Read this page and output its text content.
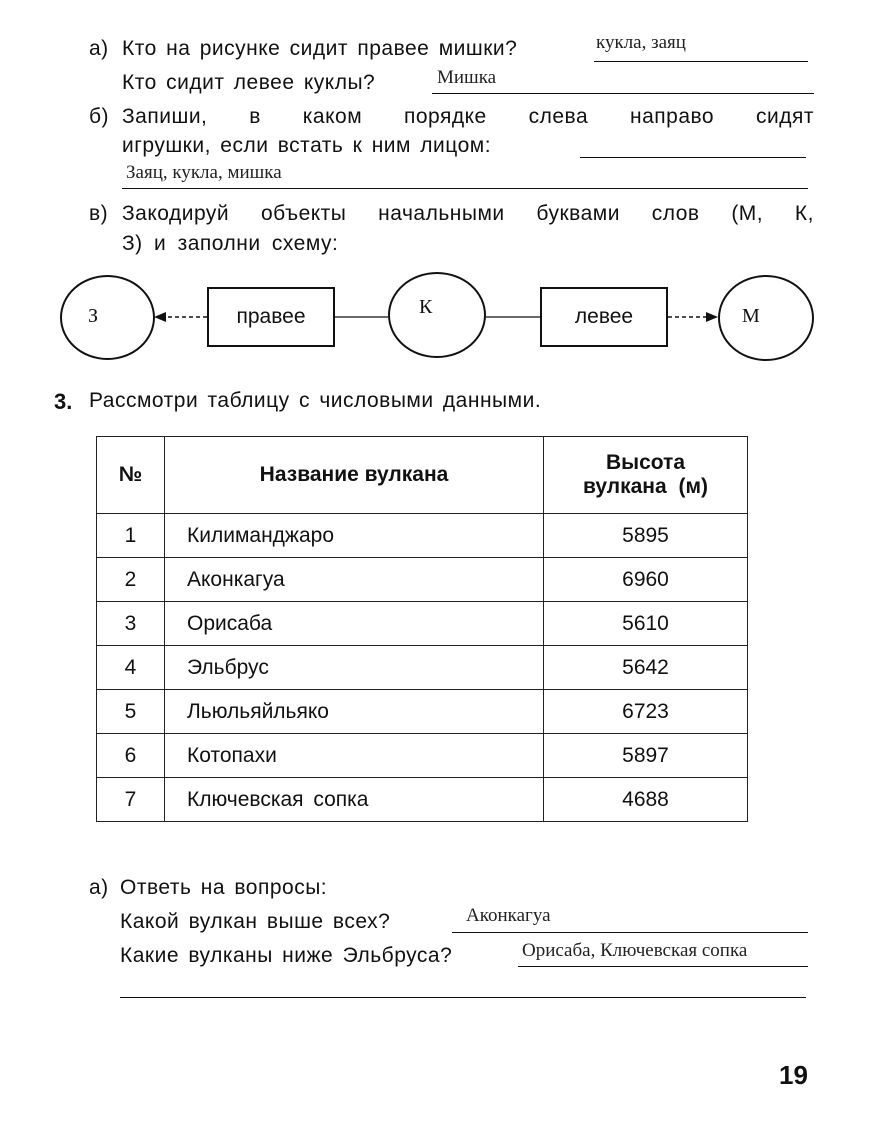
а) Кто на рисунке сидит правее мишки?	кукла, заяц
Кто сидит левее куклы?	Мишка
б) Запиши, в каком порядке слева направо сидят
игрушки, если встать к ним лицом:
Заяц, кукла, мишка
в) Закодируй объекты начальными буквами слов (М, К,
З) и заполни схему:
З	правее	К	левее	М
3. Рассмотри таблицу с числовыми данными.
№	Название вулкана	Высота
вулкана (м)

1	Килиманджаро	5895
2	Аконкагуа	6960
3	Орисаба	5610
4	Эльбрус	5642
5	Льюльяйльяко	6723
6	Котопахи	5897
7	Ключевская сопка	4688
а) Ответь на вопросы:
Какой вулкан выше всех?	Аконкагуа
Какие вулканы ниже Эльбруса?	Орисаба, Ключевская сопка
19
